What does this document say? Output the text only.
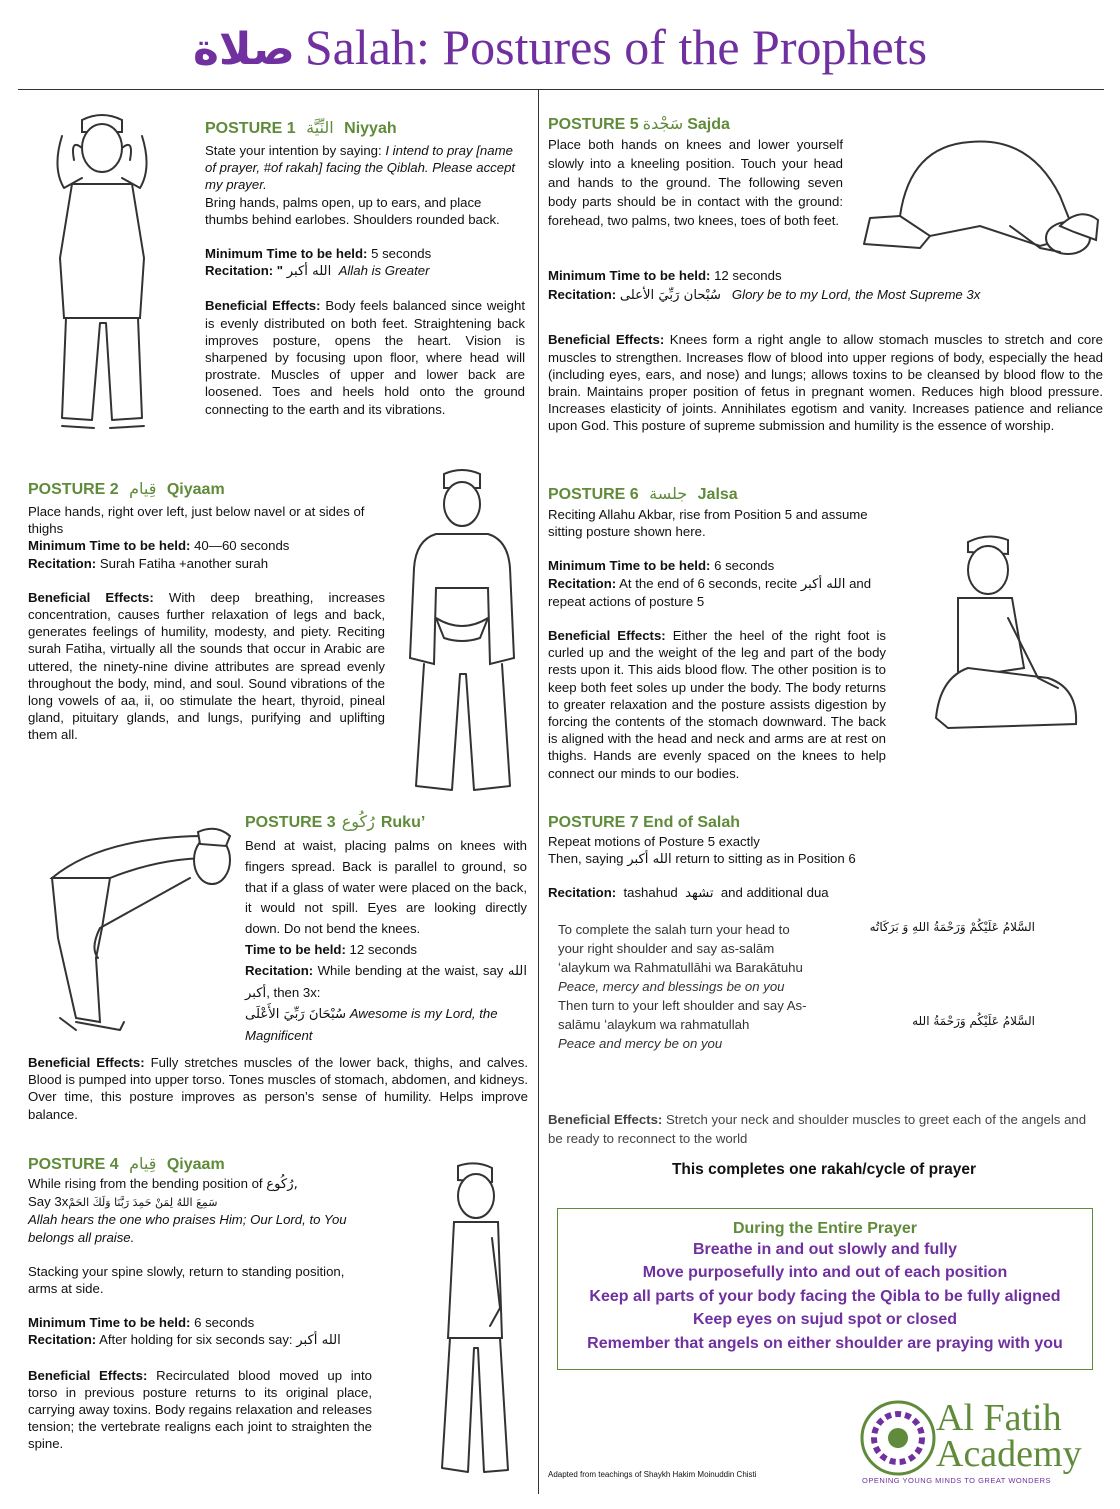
صلاة Salah: Postures of the Prophets
POSTURE 1 النِّيَّة Niyyah

State your intention by saying: I intend to pray [name of prayer, #of rakah] facing the Qiblah. Please accept my prayer.

Bring hands, palms open, up to ears, and place thumbs behind earlobes. Shoulders rounded back.

Minimum Time to be held: 5 seconds

Recitation: " الله أكبر Allah is Greater

Beneficial Effects: Body feels balanced since weight is evenly distributed on both feet. Straightening back improves posture, opens the heart. Vision is sharpened by focusing upon floor, where head will prostrate. Muscles of upper and lower back are loosened. Toes and heels hold onto the ground connecting to the earth and its vibrations.

POSTURE 2 قِيام Qiyaam

Place hands, right over left, just below navel or at sides of thighs

Minimum Time to be held: 40—60 seconds

Recitation: Surah Fatiha +another surah

Beneficial Effects: With deep breathing, increases concentration, causes further relaxation of legs and back, generates feelings of humility, modesty, and piety. Reciting surah Fatiha, virtually all the sounds that occur in Arabic are uttered, the ninety-nine divine attributes are spread evenly throughout the body, mind, and soul. Sound vibrations of the long vowels of aa, ii, oo stimulate the heart, thyroid, pineal gland, pituitary glands, and lungs, purifying and uplifting them all.

POSTURE 3 رُكُوع Ruku’

Bend at waist, placing palms on knees with fingers spread. Back is parallel to ground, so that if a glass of water were placed on the back, it would not spill. Eyes are looking directly down. Do not bend the knees.

Time to be held: 12 seconds

Recitation: While bending at the waist, say الله أكبر, then 3x:

سُبْحَانَ رَبِّيَ الأَعْلَى Awesome is my Lord, the Magnificent

Beneficial Effects: Fully stretches muscles of the lower back, thighs, and calves. Blood is pumped into upper torso. Tones muscles of stomach, abdomen, and kidneys. Over time, this posture improves as person’s sense of humility. Helps improve balance.
POSTURE 4 قِيام Qiyaam

While rising from the bending position of رُكُوع,

Say 3xسَمِعَ اللهُ لِمَنْ حَمِدَ رَبَّنَا وَلَكَ الحَمْ

Allah hears the one who praises Him; Our Lord, to You belongs all praise.

Stacking your spine slowly, return to standing position, arms at side.

Minimum Time to be held: 6 seconds

Recitation: After holding for six seconds say: الله أكبر

Beneficial Effects: Recirculated blood moved up into torso in previous posture returns to its original place, carrying away toxins. Body regains relaxation and releases tension; the vertebrate realigns each joint to straighten the spine.

POSTURE 5 سَجْدة Sajda
Place both hands on knees and lower yourself slowly into a kneeling position. Touch your head and hands to the ground. The following seven body parts should be in contact with the ground: forehead, two palms, two knees, toes of both feet.

Minimum Time to be held: 12 seconds

Recitation: سُبْحان رَبِّيَ الأعلى Glory be to my Lord, the Most Supreme 3x

Beneficial Effects: Knees form a right angle to allow stomach muscles to stretch and core muscles to strengthen. Increases flow of blood into upper regions of body, especially the head (including eyes, ears, and nose) and lungs; allows toxins to be cleansed by blood flow to the brain. Maintains proper position of fetus in pregnant women. Reduces high blood pressure. Increases elasticity of joints. Annihilates egotism and vanity. Increases patience and reliance upon God. This posture of supreme submission and humility is the essence of worship.

POSTURE 6 جلسة Jalsa

Reciting Allahu Akbar, rise from Position 5 and assume sitting posture shown here.

Minimum Time to be held: 6 seconds

Recitation: At the end of 6 seconds, recite الله أكبر and repeat actions of posture 5

Beneficial Effects: Either the heel of the right foot is curled up and the weight of the leg and part of the body rests upon it. This aids blood flow. The other position is to keep both feet soles up under the body. The body returns to greater relaxation and the posture assists digestion by forcing the contents of the stomach downward. The back is aligned with the head and neck and arms are at rest on thighs. Hands are evenly spaced on the knees to help connect our minds to our bodies.

POSTURE 7 End of Salah

Repeat motions of Posture 5 exactly

Then, saying الله أكبر return to sitting as in Position 6

Recitation: tashahud تشهد and additional dua

To complete the salah turn your head to your right shoulder and say as-salām ʻalaykum wa Rahmatullāhi wa Barakātuhu Peace, mercy and blessings be on you

Then turn to your left shoulder and say As-salāmu ʻalaykum wa rahmatullah

Peace and mercy be on you

السَّلامُ عَلَيْكُمْ وَرَحْمَةُ اللهِ وَ بَرَكَاتُه
السَّلامُ عَلَيْكُم وَرَحْمَةُ الله
Beneficial Effects: Stretch your neck and shoulder muscles to greet each of the angels and be ready to reconnect to the world
This completes one rakah/cycle of prayer
During the Entire Prayer
Breathe in and out slowly and fully
Move purposefully into and out of each position
Keep all parts of your body facing the Qibla to be fully aligned
Keep eyes on sujud spot or closed
Remember that angels on either shoulder are praying with you
Adapted from teachings of Shaykh Hakim Moinuddin Chisti
Al Fatih
Academy
OPENING YOUNG MINDS TO GREAT WONDERS
